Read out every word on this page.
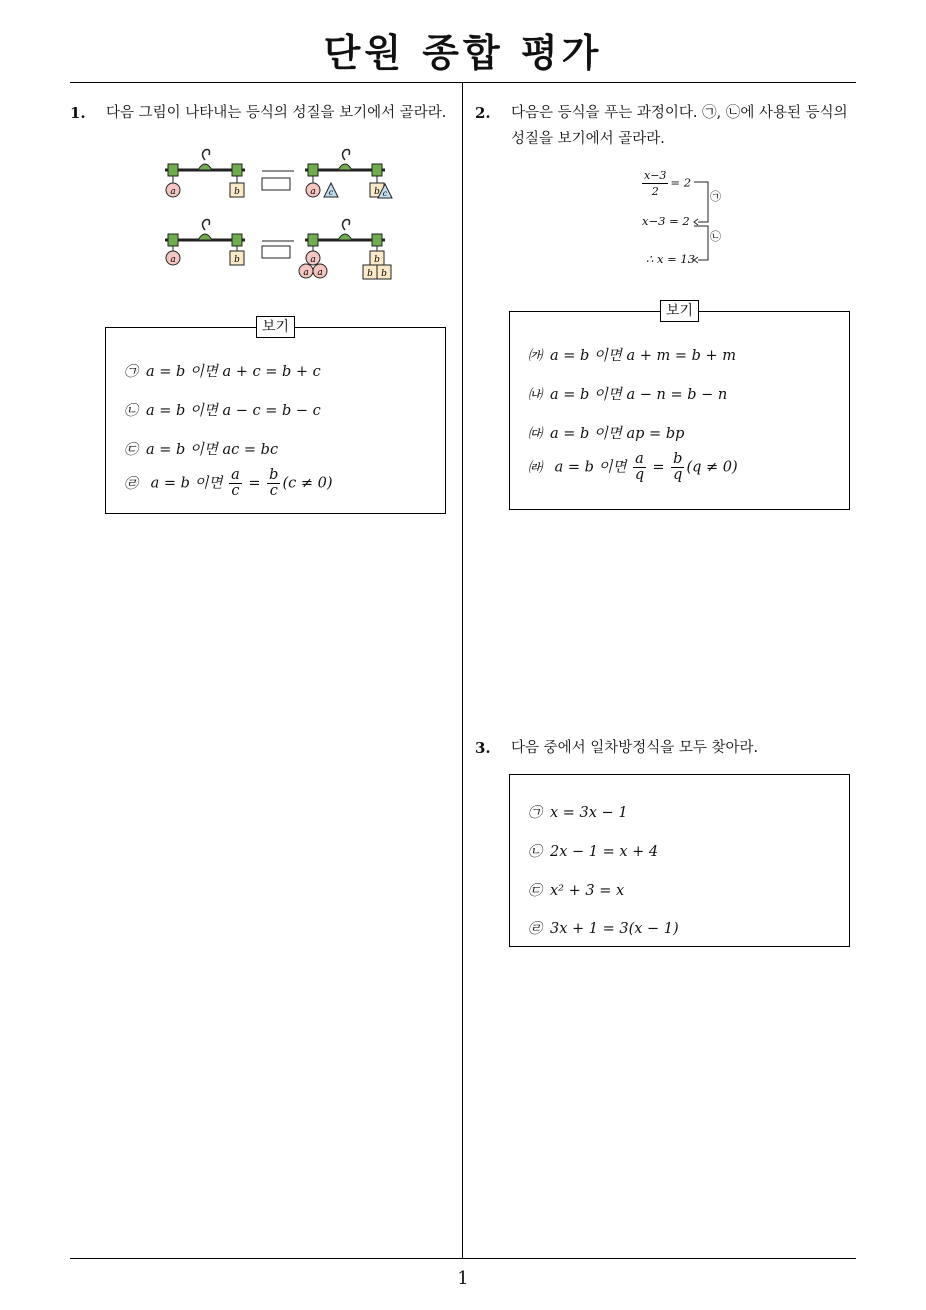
단원 종합 평가
1
1. 다음 그림이 나타내는 등식의 성질을 보기에서 골라라.
a	b	a c	b c
a	b	a
a a
b
b b
보기
㉠ a = b 이면 a + c = b + c
㉡ a = b 이면 a − c = b − c
㉢ a = b 이면 ac = bc
㉣ a = b 이면 $\frac{a}{c} = \frac{b}{c} (c \ne 0)$
2. 다음은 등식을 푸는 과정이다. ㉠, ㉡에 사용된 등식의
성질을 보기에서 골라라.
$\frac{x-3}{2} = 2$
x−3 = 2
∴ x = 13
㉠
㉡
보기
㈎ a = b 이면 a + m = b + m
㈏ a = b 이면 a − n = b − n
㈐ a = b 이면 ap = bp
㈑ a = b 이면 $\frac{a}{q} = \frac{b}{q} (q \ne 0)$
3. 다음 중에서 일차방정식을 모두 찾아라.
㉠ x = 3x − 1
㉡ 2x − 1 = x + 4
㉢ x² + 3 = x
㉣ 3x + 1 = 3(x − 1)
